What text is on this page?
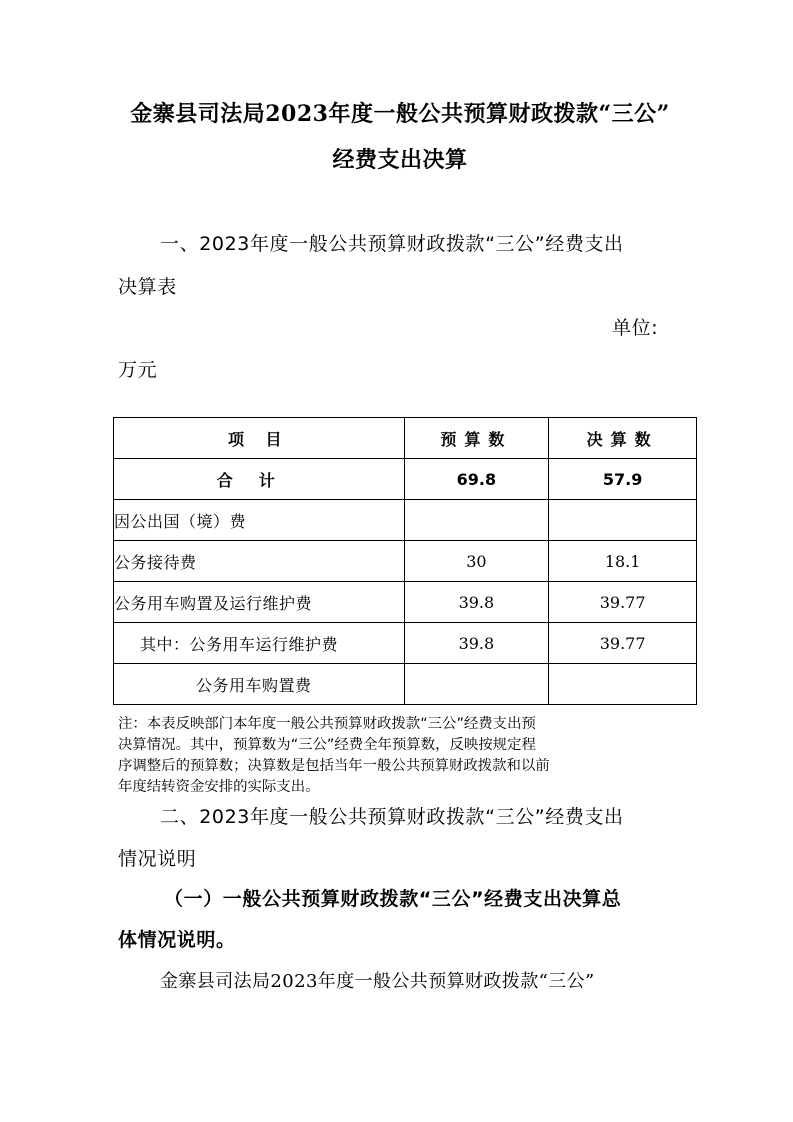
金寨县司法局2023年度一般公共预算财政拨款“三公”
经费支出决算
一、2023年度一般公共预算财政拨款“三公”经费支出
决算表
单位:
万元
项 目	预算数	决算数
合计	69.8	57.9
因公出国（境）费		
公务接待费	30	18.1
公务用车购置及运行维护费	39.8	39.77
其中：公务用车运行维护费	39.8	39.77
公务用车购置费		
注：本表反映部门本年度一般公共预算财政拨款“三公”经费支出预
决算情况。其中，预算数为“三公”经费全年预算数，反映按规定程
序调整后的预算数；决算数是包括当年一般公共预算财政拨款和以前
年度结转资金安排的实际支出。
二、2023年度一般公共预算财政拨款“三公”经费支出
情况说明
（一）一般公共预算财政拨款“三公”经费支出决算总
体情况说明。
金寨县司法局2023年度一般公共预算财政拨款“三公”
